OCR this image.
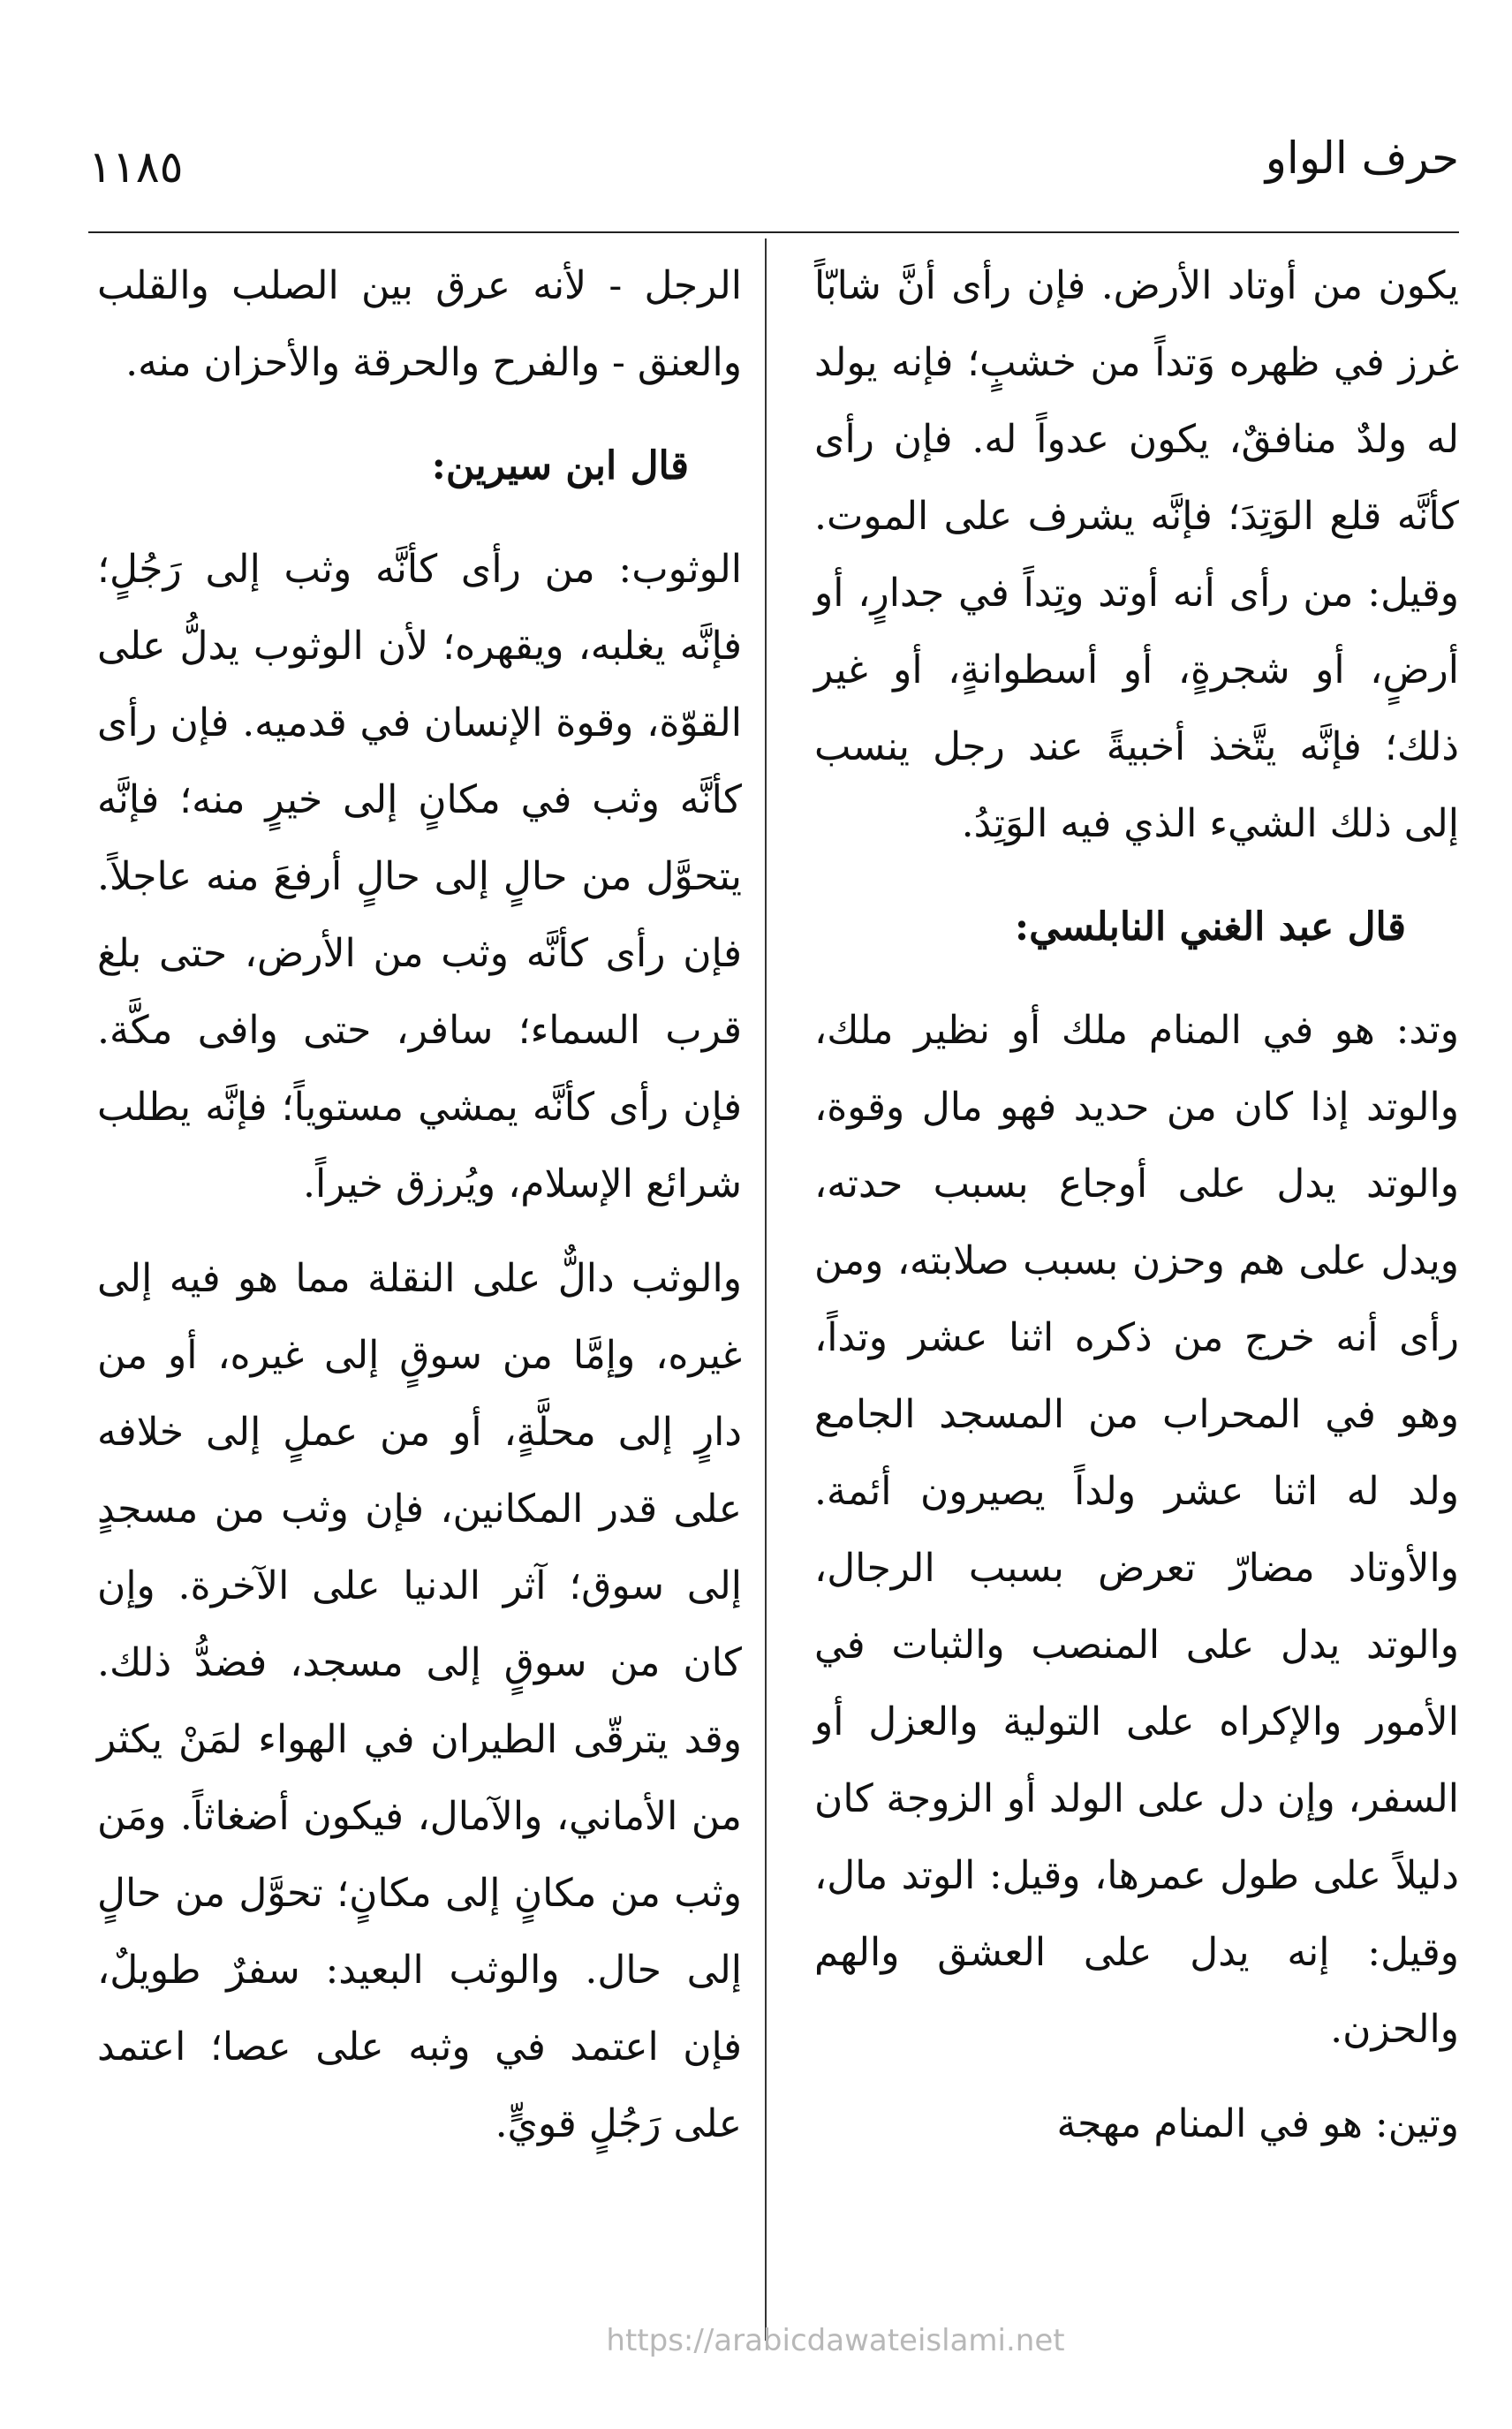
١١٨٥	حرف الواو

يكون من أوتاد الأرض. فإن رأى أنَّ شابّاً غرز في ظهره وَتداً من خشبٍ؛ فإنه يولد له ولدٌ منافقٌ، يكون عدواً له. فإن رأى كأنَّه قلع الوَتِدَ؛ فإنَّه يشرف على الموت. وقيل: من رأى أنه أوتد وتِداً في جدارٍ، أو أرضٍ، أو شجرةٍ، أو أسطوانةٍ، أو غير ذلك؛ فإنَّه يتَّخذ أخبيةً عند رجل ينسب إلى ذلك الشيء الذي فيه الوَتِدُ.

قال عبد الغني النابلسي:

وتد: هو في المنام ملك أو نظير ملك، والوتد إذا كان من حديد فهو مال وقوة، والوتد يدل على أوجاع بسبب حدته، ويدل على هم وحزن بسبب صلابته، ومن رأى أنه خرج من ذكره اثنا عشر وتداً، وهو في المحراب من المسجد الجامع ولد له اثنا عشر ولداً يصيرون أئمة. والأوتاد مضارّ تعرض بسبب الرجال، والوتد يدل على المنصب والثبات في الأمور والإكراه على التولية والعزل أو السفر، وإن دل على الولد أو الزوجة كان دليلاً على طول عمرها، وقيل: الوتد مال، وقيل: إنه يدل على العشق والهم والحزن.

وتين: هو في المنام مهجة

الرجل - لأنه عرق بين الصلب والقلب والعنق - والفرح والحرقة والأحزان منه.

قال ابن سيرين:

الوثوب: من رأى كأنَّه وثب إلى رَجُلٍ؛ فإنَّه يغلبه، ويقهره؛ لأن الوثوب يدلُّ على القوّة، وقوة الإنسان في قدميه. فإن رأى كأنَّه وثب في مكانٍ إلى خيرٍ منه؛ فإنَّه يتحوَّل من حالٍ إلى حالٍ أرفعَ منه عاجلاً. فإن رأى كأنَّه وثب من الأرض، حتى بلغ قرب السماء؛ سافر، حتى وافى مكَّة. فإن رأى كأنَّه يمشي مستوياً؛ فإنَّه يطلب شرائع الإسلام، ويُرزق خيراً.

والوثب دالٌّ على النقلة مما هو فيه إلى غيره، وإمَّا من سوقٍ إلى غيره، أو من دارٍ إلى محلَّةٍ، أو من عملٍ إلى خلافه على قدر المكانين، فإن وثب من مسجدٍ إلى سوق؛ آثر الدنيا على الآخرة. وإن كان من سوقٍ إلى مسجد، فضدُّ ذلك. وقد يترقّى الطيران في الهواء لمَنْ يكثر من الأماني، والآمال، فيكون أضغاثاً. ومَن وثب من مكانٍ إلى مكانٍ؛ تحوَّل من حالٍ إلى حال. والوثب البعيد: سفرٌ طويلٌ، فإن اعتمد في وثبه على عصا؛ اعتمد على رَجُلٍ قويٍّ.

https://arabicdawateislami.net
